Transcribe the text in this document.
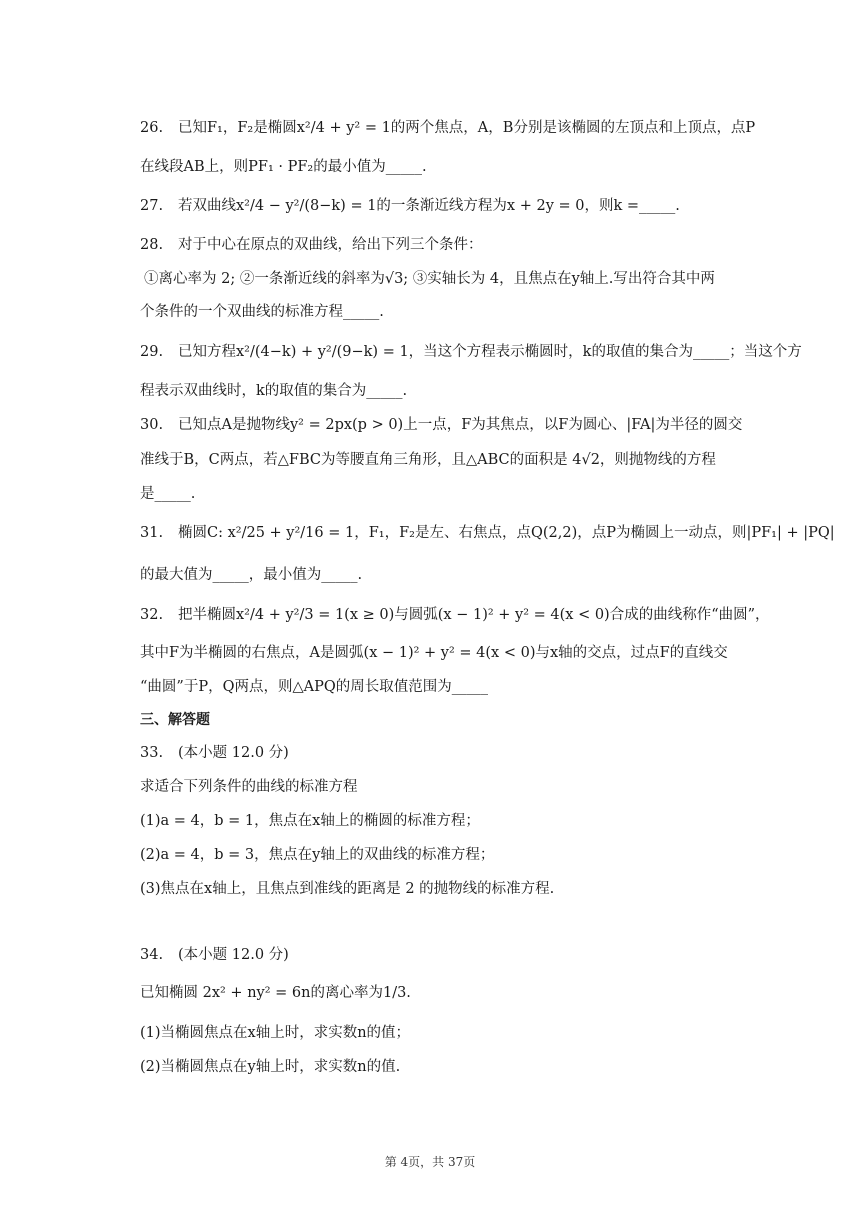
26. 已知F₁，F₂是椭圆x²/4 + y² = 1的两个焦点，A，B分别是该椭圆的左顶点和上顶点，点P
在线段AB上，则PF₁ · PF₂的最小值为_____.
27. 若双曲线x²/4 − y²/(8−k) = 1的一条渐近线方程为x + 2y = 0，则k =_____.
28. 对于中心在原点的双曲线，给出下列三个条件：
①离心率为 2; ②一条渐近线的斜率为√3; ③实轴长为 4，且焦点在y轴上.写出符合其中两
个条件的一个双曲线的标准方程_____.
29. 已知方程x²/(4−k) + y²/(9−k) = 1，当这个方程表示椭圆时，k的取值的集合为_____；当这个方
程表示双曲线时，k的取值的集合为_____.
30. 已知点A是抛物线y² = 2px(p > 0)上一点，F为其焦点，以F为圆心、|FA|为半径的圆交
准线于B，C两点，若△FBC为等腰直角三角形，且△ABC的面积是 4√2，则抛物线的方程
是_____.
31. 椭圆C: x²/25 + y²/16 = 1，F₁，F₂是左、右焦点，点Q(2,2)，点P为椭圆上一动点，则|PF₁| + |PQ|
的最大值为_____，最小值为_____.
32. 把半椭圆x²/4 + y²/3 = 1(x ≥ 0)与圆弧(x − 1)² + y² = 4(x < 0)合成的曲线称作“曲圆”，
其中F为半椭圆的右焦点，A是圆弧(x − 1)² + y² = 4(x < 0)与x轴的交点，过点F的直线交
“曲圆”于P，Q两点，则△APQ的周长取值范围为_____
三、解答题
33. (本小题 12.0 分)
求适合下列条件的曲线的标准方程
(1)a = 4，b = 1，焦点在x轴上的椭圆的标准方程；
(2)a = 4，b = 3，焦点在y轴上的双曲线的标准方程；
(3)焦点在x轴上，且焦点到准线的距离是 2 的抛物线的标准方程.
34. (本小题 12.0 分)
已知椭圆 2x² + ny² = 6n的离心率为1/3.
(1)当椭圆焦点在x轴上时，求实数n的值；
(2)当椭圆焦点在y轴上时，求实数n的值.
第 4页，共 37页
